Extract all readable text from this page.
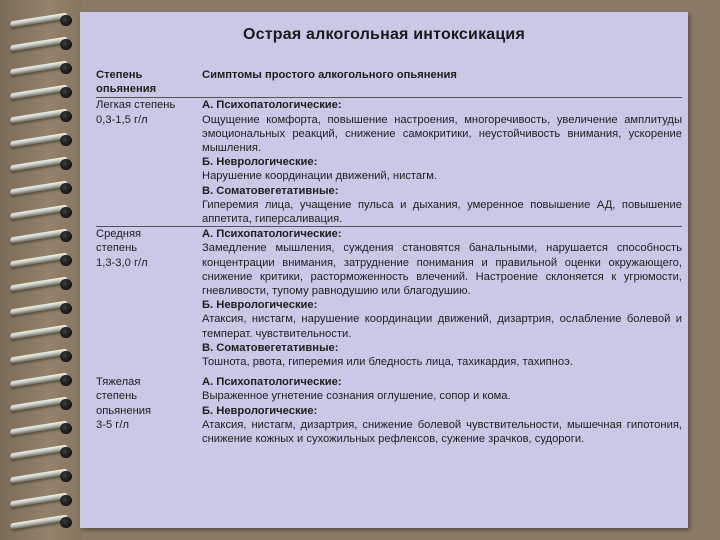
Острая алкогольная интоксикация
Степень опьянения
Симптомы простого алкогольного опьянения

Легкая степень

0,3-1,5 г/л

А. Психопатологические:

Ощущение комфорта, повышение настроения, многоречивость, увеличение амплитуды эмоциональных реакций, снижение самокритики, неустойчивость внимания, ускорение мышления.

Б. Неврологические:

Нарушение координации движений, нистагм.

В. Соматовегетативные:

Гиперемия лица, учащение пульса и дыхания, умеренное повышение АД, повышение аппетита, гиперсаливация.

Средняя

степень

1,3-3,0 г/л

А. Психопатологические:

Замедление мышления, суждения становятся банальными, нарушается способность концентрации внимания, затруднение понимания и правильной оценки окружающего, снижение критики, расторможенность влечений. Настроение склоняется к угрюмости, гневливости, тупому равнодушию или благодушию.

Б. Неврологические:

Атаксия, нистагм, нарушение координации движений, дизартрия, ослабление болевой и температ. чувствительности.

В. Соматовегетативные:

Тошнота, рвота, гиперемия или бледность лица, тахикардия, тахипноэ.

Тяжелая

степень

опьянения

3-5 г/л

А. Психопатологические:

Выраженное угнетение сознания оглушение, сопор и кома.

Б. Неврологические:

Атаксия, нистагм, дизартрия, снижение болевой чувствительности, мышечная гипотония, снижение кожных и сухожильных рефлексов, сужение зрачков, судороги.
